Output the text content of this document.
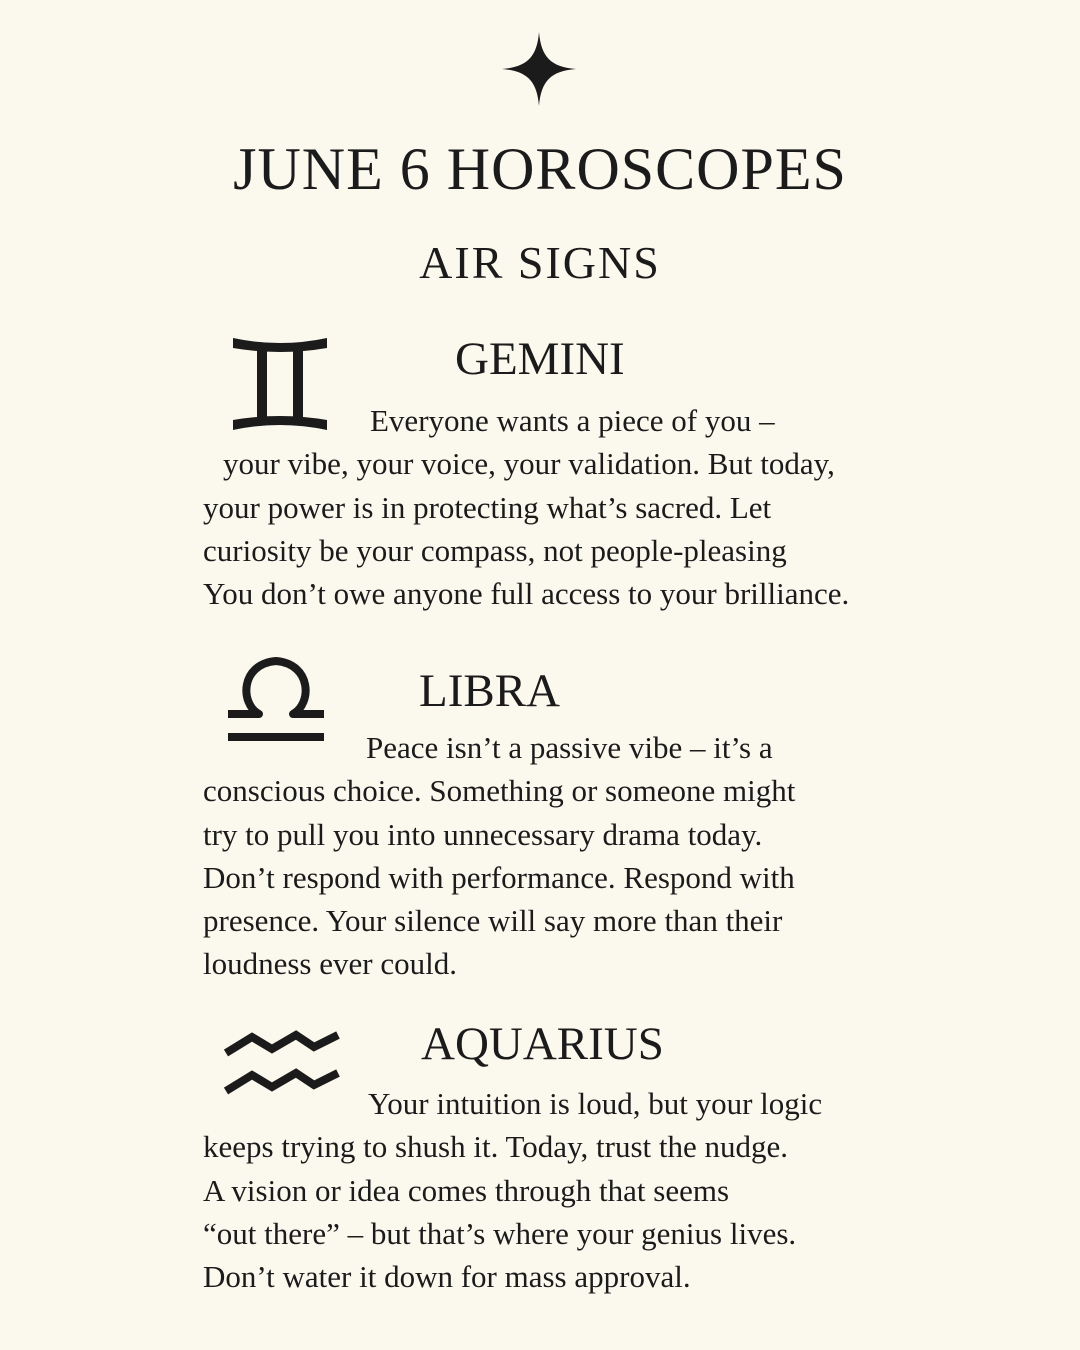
JUNE 6 HOROSCOPES
AIR SIGNS
GEMINI

Everyone wants a piece of you –
your vibe, your voice, your validation. But today,
your power is in protecting what’s sacred. Let
curiosity be your compass, not people-pleasing
You don’t owe anyone full access to your brilliance.

LIBRA

Peace isn’t a passive vibe – it’s a
conscious choice. Something or someone might
try to pull you into unnecessary drama today.
Don’t respond with performance. Respond with
presence. Your silence will say more than their
loudness ever could.

AQUARIUS

Your intuition is loud, but your logic
keeps trying to shush it. Today, trust the nudge.
A vision or idea comes through that seems
“out there” – but that’s where your genius lives.
Don’t water it down for mass approval.
